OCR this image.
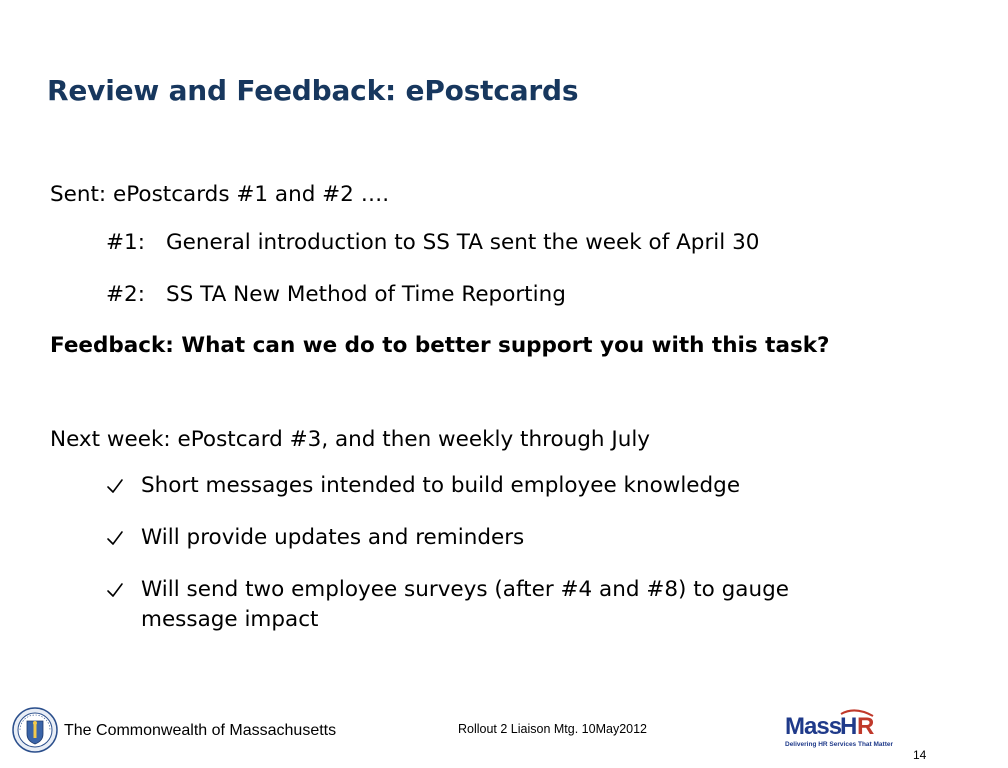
Review and Feedback: ePostcards
Sent: ePostcards #1 and #2 ….
#1: General introduction to SS TA sent the week of April 30
#2: SS TA New Method of Time Reporting
Feedback: What can we do to better support you with this task?
Next week: ePostcard #3, and then weekly through July
Short messages intended to build employee knowledge
Will provide updates and reminders
Will send two employee surveys (after #4 and #8) to gauge message impact
The Commonwealth of Massachusetts	Rollout 2 Liaison Mtg. 10May2012	Mass
H R
Delivering HR Services That Matter
14
